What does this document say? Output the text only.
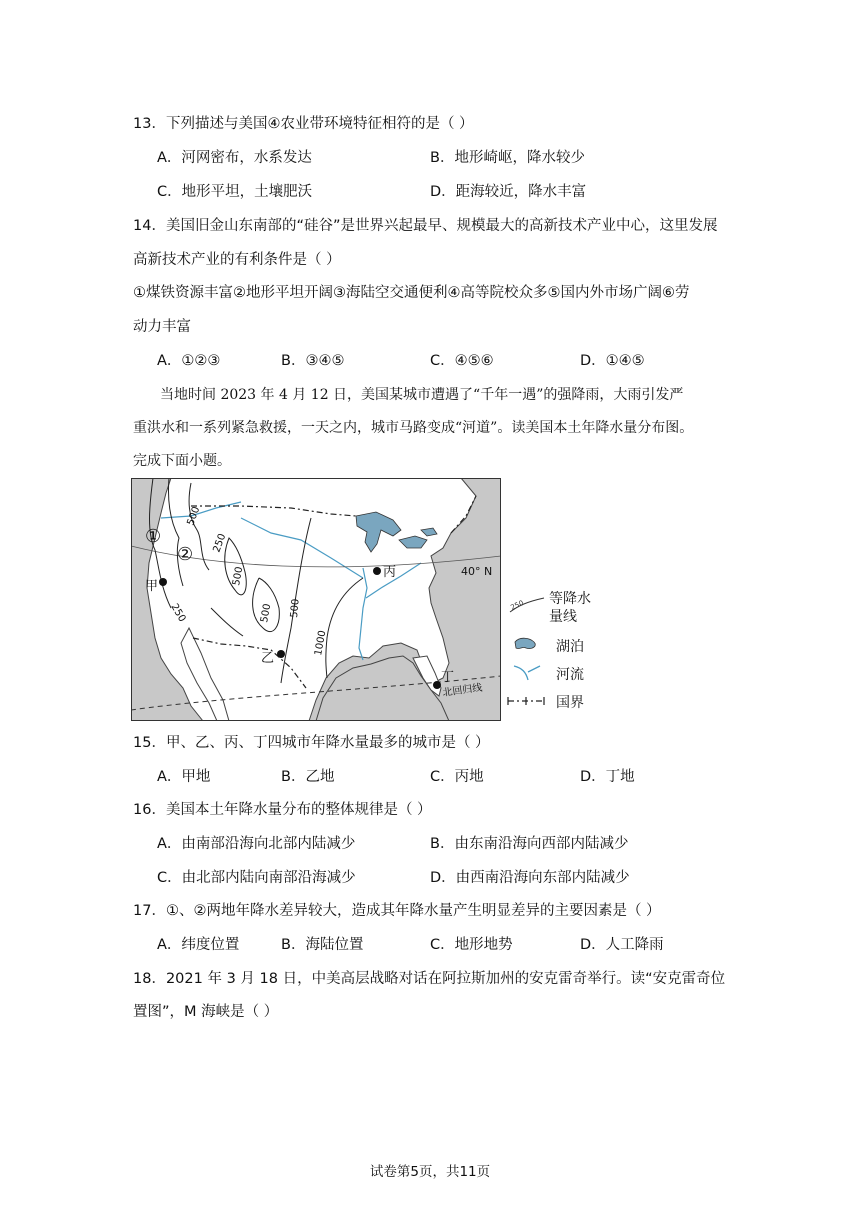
13．下列描述与美国④农业带环境特征相符的是（ ）
A．河网密布，水系发达	B．地形崎岖，降水较少
C．地形平坦，土壤肥沃	D．距海较近，降水丰富
14．美国旧金山东南部的“硅谷”是世界兴起最早、规模最大的高新技术产业中心，这里发展
高新技术产业的有利条件是（ ）
①煤铁资源丰富②地形平坦开阔③海陆空交通便利④高等院校众多⑤国内外市场广阔⑥劳
动力丰富
A．①②③	B．③④⑤	C．④⑤⑥	D．①④⑤
当地时间 2023 年 4 月 12 日，美国某城市遭遇了“千年一遇”的强降雨，大雨引发严
重洪水和一系列紧急救援，一天之内，城市马路变成“河道”。读美国本土年降水量分布图。
完成下面小题。
①
②
500
250
250
500
500 500
1000
甲
乙
丙
丁
40° N
北回归线
250 等降水
量线
湖泊
河流
国界
15．甲、乙、丙、丁四城市年降水量最多的城市是（ ）
A．甲地	B．乙地	C．丙地	D．丁地
16．美国本土年降水量分布的整体规律是（ ）
A．由南部沿海向北部内陆减少	B．由东南沿海向西部内陆减少
C．由北部内陆向南部沿海减少	D．由西南沿海向东部内陆减少
17．①、②两地年降水差异较大，造成其年降水量产生明显差异的主要因素是（ ）
A．纬度位置	B．海陆位置	C．地形地势	D．人工降雨
18．2021 年 3 月 18 日，中美高层战略对话在阿拉斯加州的安克雷奇举行。读“安克雷奇位
置图”，M 海峡是（ ）
试卷第5页，共11页
